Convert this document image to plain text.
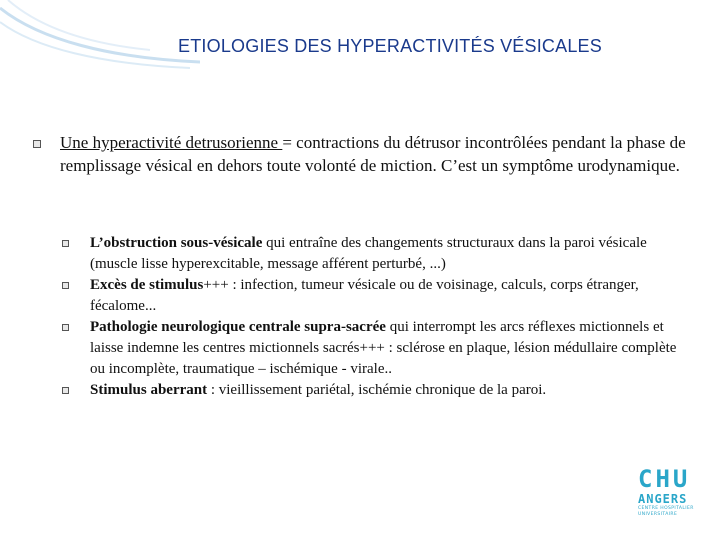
ETIOLOGIES DES HYPERACTIVITÉS VÉSICALES
Une hyperactivité detrusorienne = contractions du détrusor incontrôlées pendant la phase de remplissage vésical en dehors toute volonté de miction. C’est un symptôme urodynamique.
L’obstruction sous-vésicale qui entraîne des changements structuraux dans la paroi vésicale (muscle lisse hyperexcitable, message afférent perturbé, ...)
Excès de stimulus+++ : infection, tumeur vésicale ou de voisinage, calculs, corps étranger, fécalome...
Pathologie neurologique centrale supra-sacrée qui interrompt les arcs réflexes mictionnels et laisse indemne les centres mictionnels sacrés+++ : sclérose en plaque, lésion médullaire complète ou incomplète, traumatique – ischémique - virale..
Stimulus aberrant : vieillissement pariétal, ischémie chronique de la paroi.
CHU
ANGERS
CENTRE HOSPITALIER
UNIVERSITAIRE
